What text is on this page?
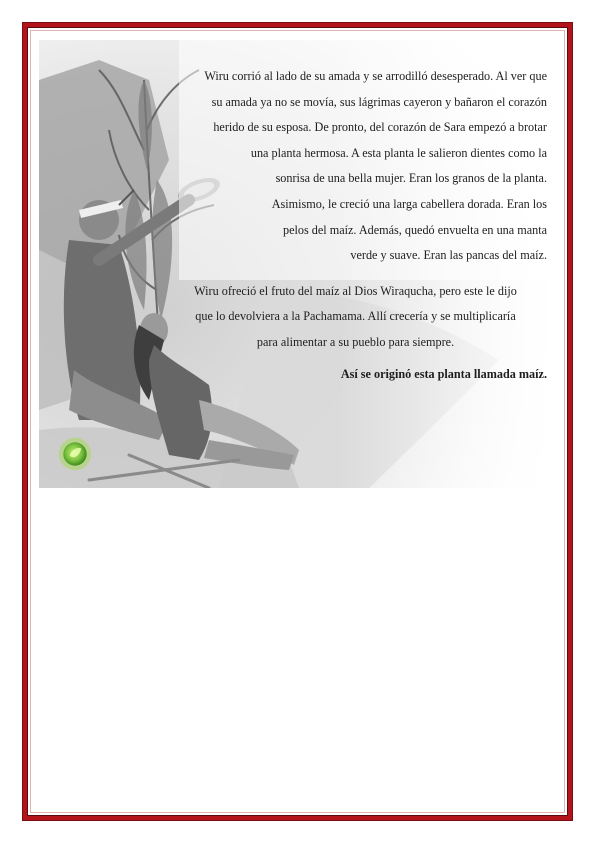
Wiru corrió al lado de su amada y se arrodilló desesperado. Al ver que
su amada ya no se movía, sus lágrimas cayeron y bañaron el corazón
herido de su esposa. De pronto, del corazón de Sara empezó a brotar
una planta hermosa. A esta planta le salieron dientes como la
sonrisa de una bella mujer. Eran los granos de la planta.
Asimismo, le creció una larga cabellera dorada. Eran los
pelos del maíz. Además, quedó envuelta en una manta
verde y suave. Eran las pancas del maíz.

Wiru ofreció el fruto del maíz al Dios Wiraqucha, pero este le dijo
que lo devolviera a la Pachamama. Allí crecería y se multiplicaría
para alimentar a su pueblo para siempre.

Así se originó esta planta llamada maíz.
